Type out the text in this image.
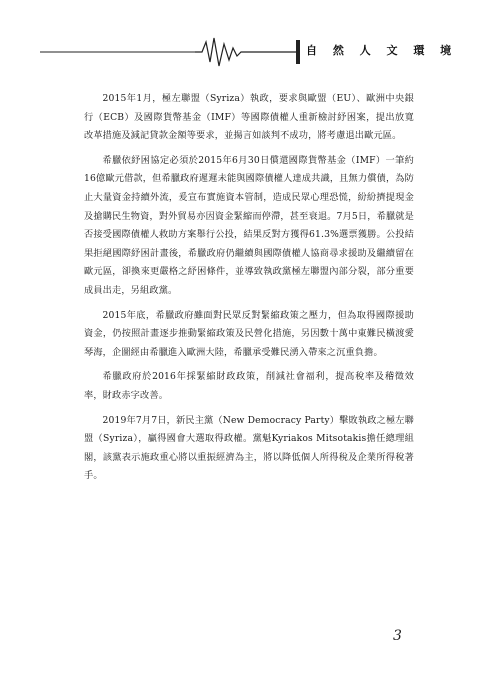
自 然 人 文 環 境

2015年1月，極左聯盟（Syriza）執政，要求與歐盟（EU）、歐洲中央銀行（ECB）及國際貨幣基金（IMF）等國際債權人重新檢討紓困案，提出放寬改革措施及減記貸款金額等要求，並揚言如談判不成功，將考慮退出歐元區。

希臘依紓困協定必須於2015年6月30日償還國際貨幣基金（IMF）一筆約16億歐元借款，但希臘政府遲遲未能與國際債權人達成共識，且無力償債，為防止大量資金持續外流，爰宣布實施資本管制，造成民眾心理恐慌，紛紛擠提現金及搶購民生物資，對外貿易亦因資金緊縮而停滯，甚至衰退。7月5日，希臘就是否接受國際債權人救助方案舉行公投，結果反對方獲得61.3%選票獲勝。公投結果拒絕國際紓困計畫後，希臘政府仍繼續與國際債權人協商尋求援助及繼續留在歐元區，卻換來更嚴格之紓困條件，並導致執政黨極左聯盟內部分裂，部分重要成員出走，另組政黨。

2015年底，希臘政府雖面對民眾反對緊縮政策之壓力，但為取得國際援助資金，仍按照計畫逐步推動緊縮政策及民營化措施，另因數十萬中東難民橫渡愛琴海，企圖經由希臘進入歐洲大陸，希臘承受難民湧入帶來之沉重負擔。

希臘政府於2016年採緊縮財政政策，削減社會福利，提高稅率及稽徵效率，財政赤字改善。

2019年7月7日，新民主黨（New Democracy Party）擊敗執政之極左聯盟（Syriza），贏得國會大選取得政權。黨魁Kyriakos Mitsotakis擔任總理組閣，該黨表示施政重心將以重振經濟為主，將以降低個人所得稅及企業所得稅著手。

3
